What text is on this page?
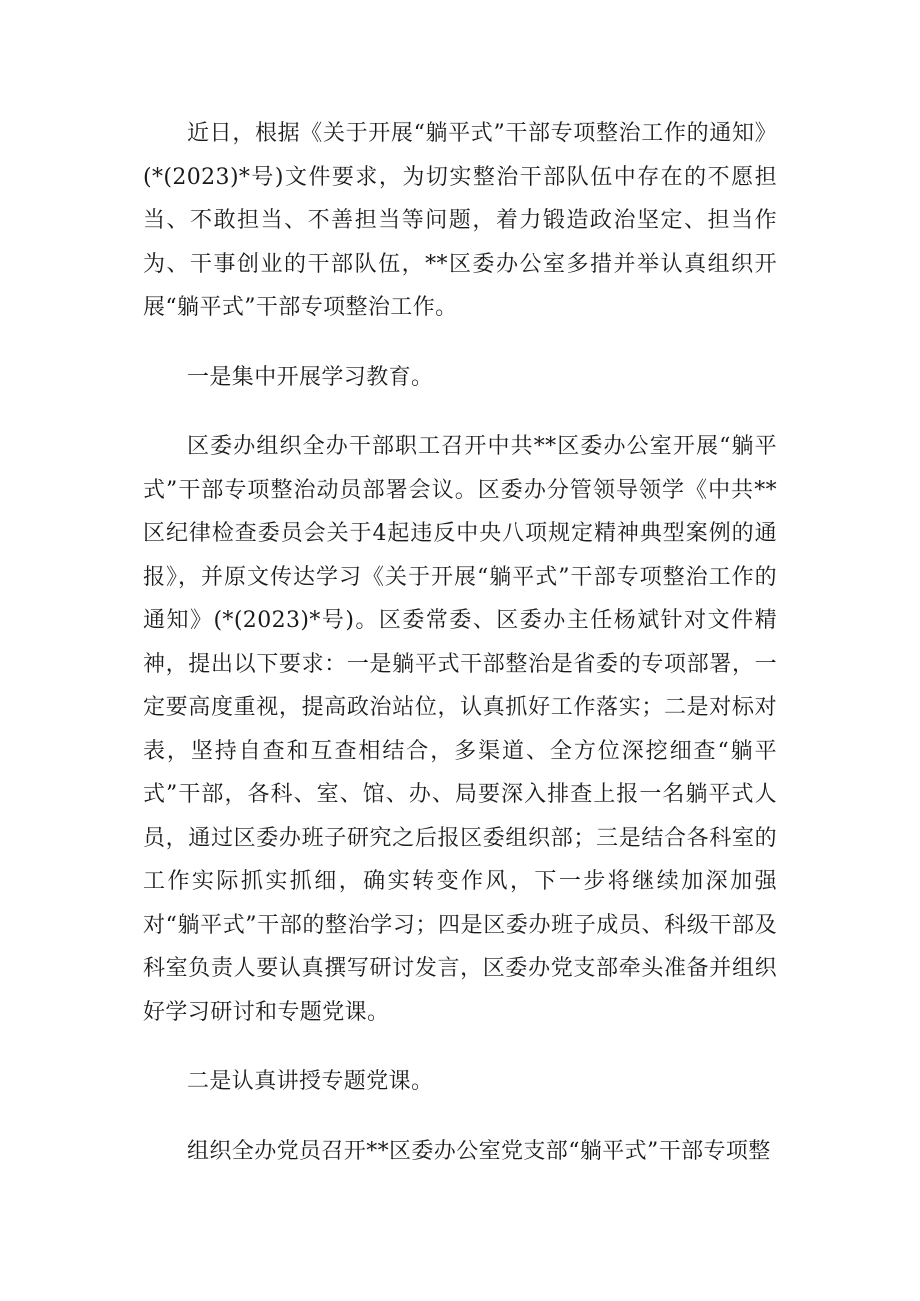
近日，根据《关于开展“躺平式”干部专项整治工作的通知》(*(2023)*号)文件要求，为切实整治干部队伍中存在的不愿担当、不敢担当、不善担当等问题，着力锻造政治坚定、担当作为、干事创业的干部队伍，**区委办公室多措并举认真组织开展“躺平式”干部专项整治工作。

一是集中开展学习教育。

区委办组织全办干部职工召开中共**区委办公室开展“躺平式”干部专项整治动员部署会议。区委办分管领导领学《中共**区纪律检查委员会关于4起违反中央八项规定精神典型案例的通报》，并原文传达学习《关于开展“躺平式”干部专项整治工作的通知》(*(2023)*号)。区委常委、区委办主任杨斌针对文件精神，提出以下要求：一是躺平式干部整治是省委的专项部署，一定要高度重视，提高政治站位，认真抓好工作落实；二是对标对表，坚持自查和互查相结合，多渠道、全方位深挖细查“躺平式”干部，各科、室、馆、办、局要深入排查上报一名躺平式人员，通过区委办班子研究之后报区委组织部；三是结合各科室的工作实际抓实抓细，确实转变作风，下一步将继续加深加强对“躺平式”干部的整治学习；四是区委办班子成员、科级干部及科室负责人要认真撰写研讨发言，区委办党支部牵头准备并组织好学习研讨和专题党课。

二是认真讲授专题党课。

组织全办党员召开**区委办公室党支部“躺平式”干部专项整
